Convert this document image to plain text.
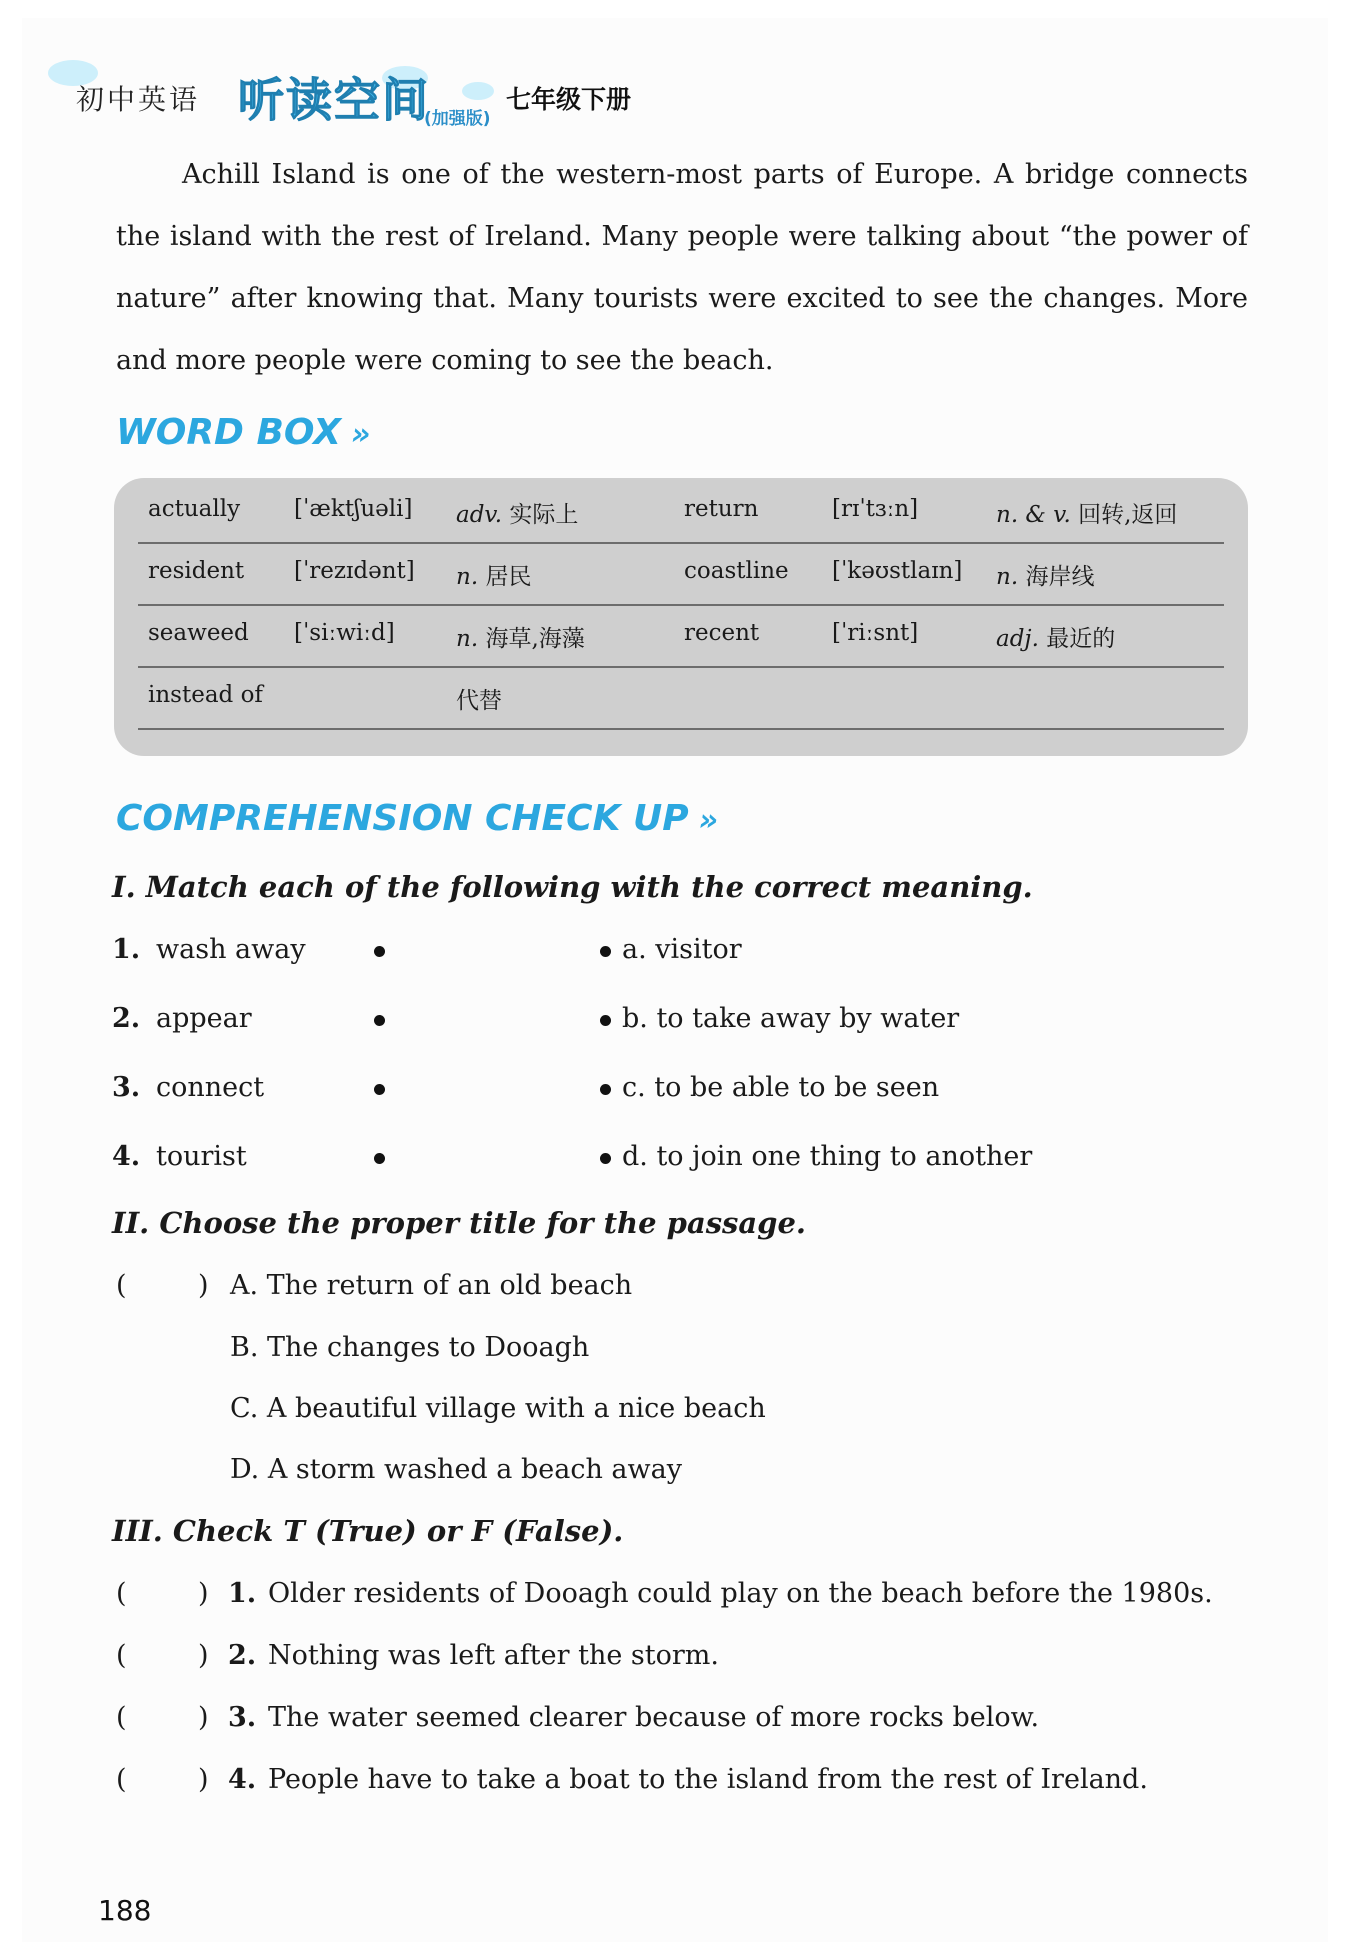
初中英语 听读空间
(加强版)
七年级下册
Achill Island is one of the western-most parts of Europe. A bridge connects the island with the rest of Ireland. Many people were talking about “the power of nature” after knowing that. Many tourists were excited to see the changes. More and more people were coming to see the beach.
WORD BOX »
actually [ˈæktʃuəli] adv. 实际上	return	[rɪˈtɜːn]	n. & v. 回转,返回
resident [ˈrezɪdənt] n. 居民	coastline [ˈkəʊstlaɪn] n. 海岸线
seaweed [ˈsiːwiːd]	n. 海草,海藻	recent	[ˈriːsnt]	adj. 最近的
instead of	代替
COMPREHENSION CHECK UP »
I. Match each of the following with the correct meaning.
1. wash away	a. visitor
2. appear	b. to take away by water
3. connect	c. to be able to be seen
4. tourist	d. to join one thing to another
II. Choose the proper title for the passage.
(	) A. The return of an old beach
B. The changes to Dooagh
C. A beautiful village with a nice beach
D. A storm washed a beach away
III. Check T (True) or F (False).
(	) 1. Older residents of Dooagh could play on the beach before the 1980s.
(	) 2. Nothing was left after the storm.
(	) 3. The water seemed clearer because of more rocks below.
(	) 4. People have to take a boat to the island from the rest of Ireland.
188
